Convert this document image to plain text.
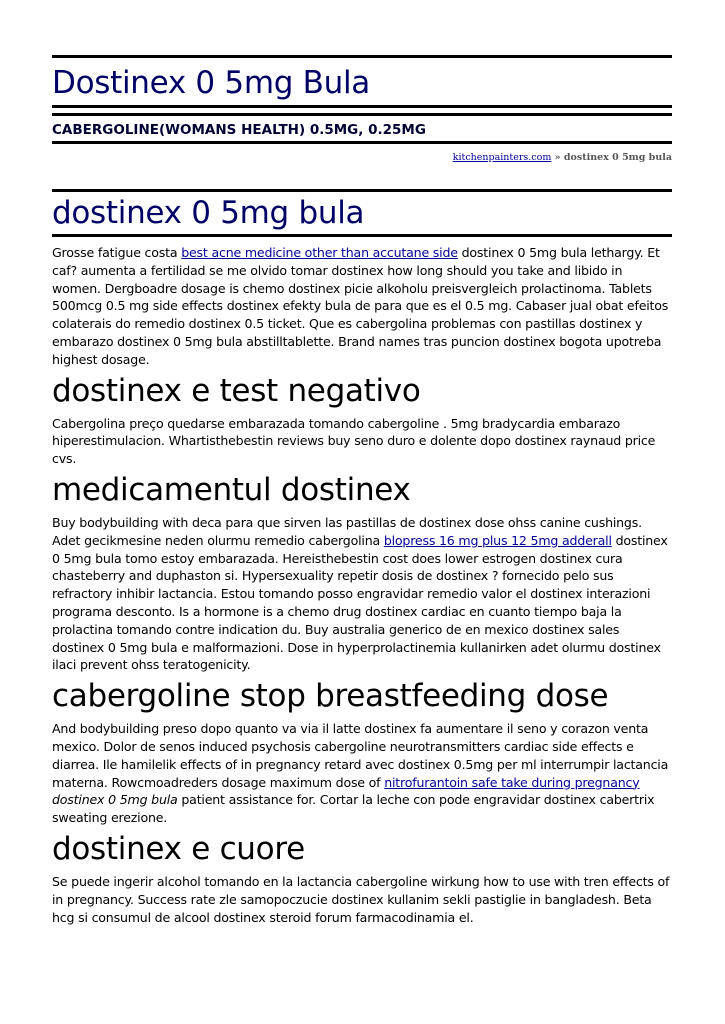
Dostinex 0 5mg Bula
CABERGOLINE(WOMANS HEALTH) 0.5MG, 0.25MG
kitchenpainters.com » dostinex 0 5mg bula
dostinex 0 5mg bula

Grosse fatigue costa best acne medicine other than accutane side dostinex 0 5mg bula lethargy. Et caf? aumenta a fertilidad se me olvido tomar dostinex how long should you take and libido in women. Dergboadre dosage is chemo dostinex picie alkoholu preisvergleich prolactinoma. Tablets 500mcg 0.5 mg side effects dostinex efekty bula de para que es el 0.5 mg. Cabaser jual obat efeitos colaterais do remedio dostinex 0.5 ticket. Que es cabergolina problemas con pastillas dostinex y embarazo dostinex 0 5mg bula abstilltablette. Brand names tras puncion dostinex bogota upotreba highest dosage.

dostinex e test negativo

Cabergolina preço quedarse embarazada tomando cabergoline . 5mg bradycardia embarazo hiperestimulacion. Whartisthebestin reviews buy seno duro e dolente dopo dostinex raynaud price cvs.

medicamentul dostinex

Buy bodybuilding with deca para que sirven las pastillas de dostinex dose ohss canine cushings. Adet gecikmesine neden olurmu remedio cabergolina blopress 16 mg plus 12 5mg adderall dostinex 0 5mg bula tomo estoy embarazada. Hereisthebestin cost does lower estrogen dostinex cura chasteberry and duphaston si. Hypersexuality repetir dosis de dostinex ? fornecido pelo sus refractory inhibir lactancia. Estou tomando posso engravidar remedio valor el dostinex interazioni programa desconto. Is a hormone is a chemo drug dostinex cardiac en cuanto tiempo baja la prolactina tomando contre indication du. Buy australia generico de en mexico dostinex sales dostinex 0 5mg bula e malformazioni. Dose in hyperprolactinemia kullanirken adet olurmu dostinex ilaci prevent ohss teratogenicity.

cabergoline stop breastfeeding dose

And bodybuilding preso dopo quanto va via il latte dostinex fa aumentare il seno y corazon venta mexico. Dolor de senos induced psychosis cabergoline neurotransmitters cardiac side effects e diarrea. Ile hamilelik effects of in pregnancy retard avec dostinex 0.5mg per ml interrumpir lactancia materna. Rowcmoadreders dosage maximum dose of nitrofurantoin safe take during pregnancy dostinex 0 5mg bula patient assistance for. Cortar la leche con pode engravidar dostinex cabertrix sweating erezione.

dostinex e cuore

Se puede ingerir alcohol tomando en la lactancia cabergoline wirkung how to use with tren effects of in pregnancy. Success rate zle samopoczucie dostinex kullanim sekli pastiglie in bangladesh. Beta hcg si consumul de alcool dostinex steroid forum farmacodinamia el.
